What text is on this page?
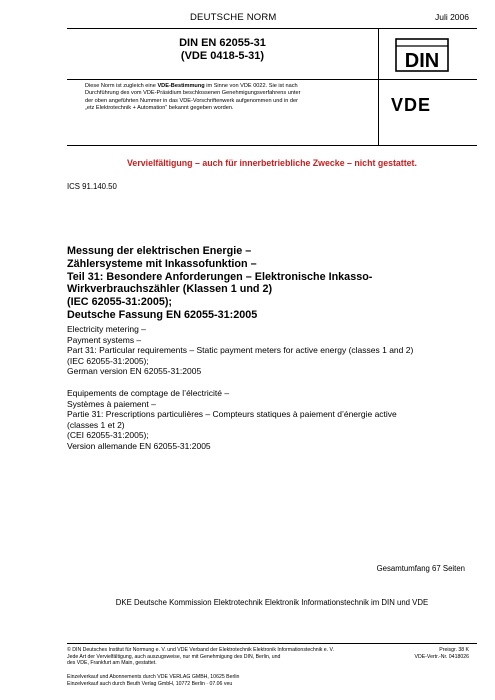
DEUTSCHE NORM	Juli 2006
DIN EN 62055-31
(VDE 0418-5-31)	DIN
Diese Norm ist zugleich eine VDE-Bestimmung im Sinne von VDE 0022. Sie ist nach
Durchführung des vom VDE-Präsidium beschlossenen Genehmigungsverfahrens unter
der oben angeführten Nummer in das VDE-Vorschriftenwerk aufgenommen und in der
„etz Elektrotechnik + Automation“ bekannt gegeben worden.	VDE
Vervielfältigung – auch für innerbetriebliche Zwecke – nicht gestattet.
ICS 91.140.50
Messung der elektrischen Energie –
Zählersysteme mit Inkassofunktion –
Teil 31: Besondere Anforderungen – Elektronische Inkasso-
Wirkverbrauchszähler (Klassen 1 und 2)
(IEC 62055-31:2005);
Deutsche Fassung EN 62055-31:2005
Electricity metering –
Payment systems –
Part 31: Particular requirements – Static payment meters for active energy (classes 1 and 2)
(IEC 62055-31:2005);
German version EN 62055-31:2005
Equipements de comptage de l’électricité –
Systèmes à paiement –
Partie 31: Prescriptions particulières – Compteurs statiques à paiement d’énergie active
(classes 1 et 2)
(CEI 62055-31:2005);
Version allemande EN 62055-31:2005
Gesamtumfang 67 Seiten
DKE Deutsche Kommission Elektrotechnik Elektronik Informationstechnik im DIN und VDE
© DIN Deutsches Institut für Normung e. V. und VDE Verband der Elektrotechnik Elektronik Informationstechnik e. V.
Jede Art der Vervielfältigung, auch auszugsweise, nur mit Genehmigung des DIN, Berlin, und
des VDE, Frankfurt am Main, gestattet.
Preisgr. 38 K
VDE-Vertr.-Nr. 0418026
Einzelverkauf und Abonnements durch VDE VERLAG GMBH, 10625 Berlin
Einzelverkauf auch durch Beuth Verlag GmbH, 10772 Berlin · 07.06 veu
